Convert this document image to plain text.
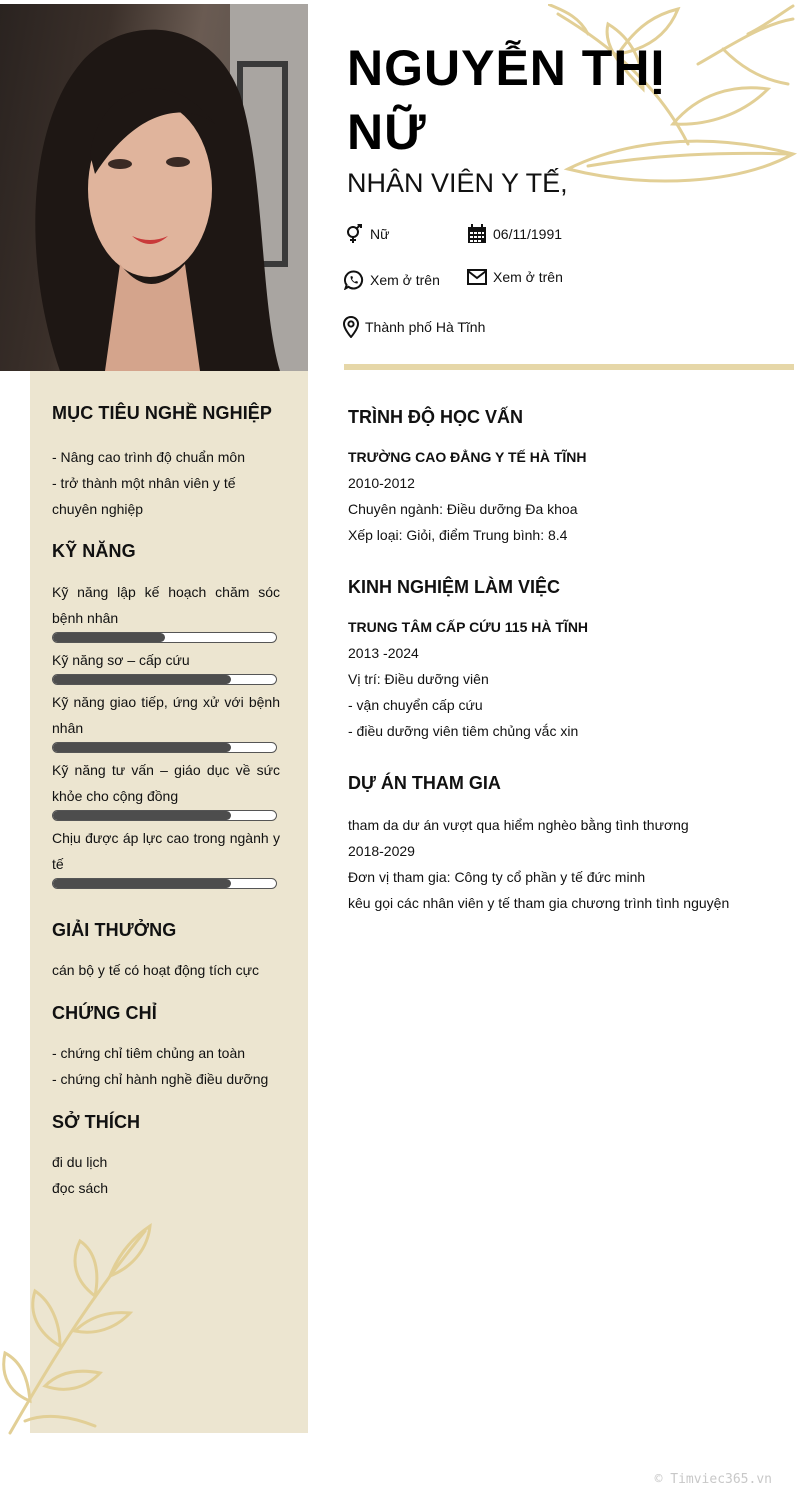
NGUYỄN THỊ NỮ
NHÂN VIÊN Y TẾ,
Nữ	06/11/1991
Xem ở trên	Xem ở trên
Thành phố Hà Tĩnh
MỤC TIÊU NGHỀ NGHIỆP

- Nâng cao trình độ chuẩn môn

- trở thành một nhân viên y tế chuyên nghiệp

KỸ NĂNG

Kỹ năng lập kế hoạch chăm sóc bệnh nhân

Kỹ năng sơ – cấp cứu

Kỹ năng giao tiếp, ứng xử với bệnh nhân

Kỹ năng tư vấn – giáo dục về sức khỏe cho cộng đồng

Chịu được áp lực cao trong ngành y tế

GIẢI THƯỞNG

cán bộ y tế có hoạt động tích cực

CHỨNG CHỈ

- chứng chỉ tiêm chủng an toàn

- chứng chỉ hành nghề điều dưỡng

SỞ THÍCH

đi du lịch

đọc sách

TRÌNH ĐỘ HỌC VẤN

TRƯỜNG CAO ĐẲNG Y TẾ HÀ TĨNH

2010-2012

Chuyên ngành: Điều dưỡng Đa khoa

Xếp loại: Giỏi, điểm Trung bình: 8.4

KINH NGHIỆM LÀM VIỆC

TRUNG TÂM CẤP CỨU 115 HÀ TĨNH

2013 -2024

Vị trí: Điều dưỡng viên

- vận chuyển cấp cứu

- điều dưỡng viên tiêm chủng vắc xin

DỰ ÁN THAM GIA

tham da dư án vượt qua hiểm nghèo bằng tình thương

2018-2029

Đơn vị tham gia: Công ty cổ phần y tế đức minh

kêu gọi các nhân viên y tế tham gia chương trình tình nguyện

© Timviec365.vn
